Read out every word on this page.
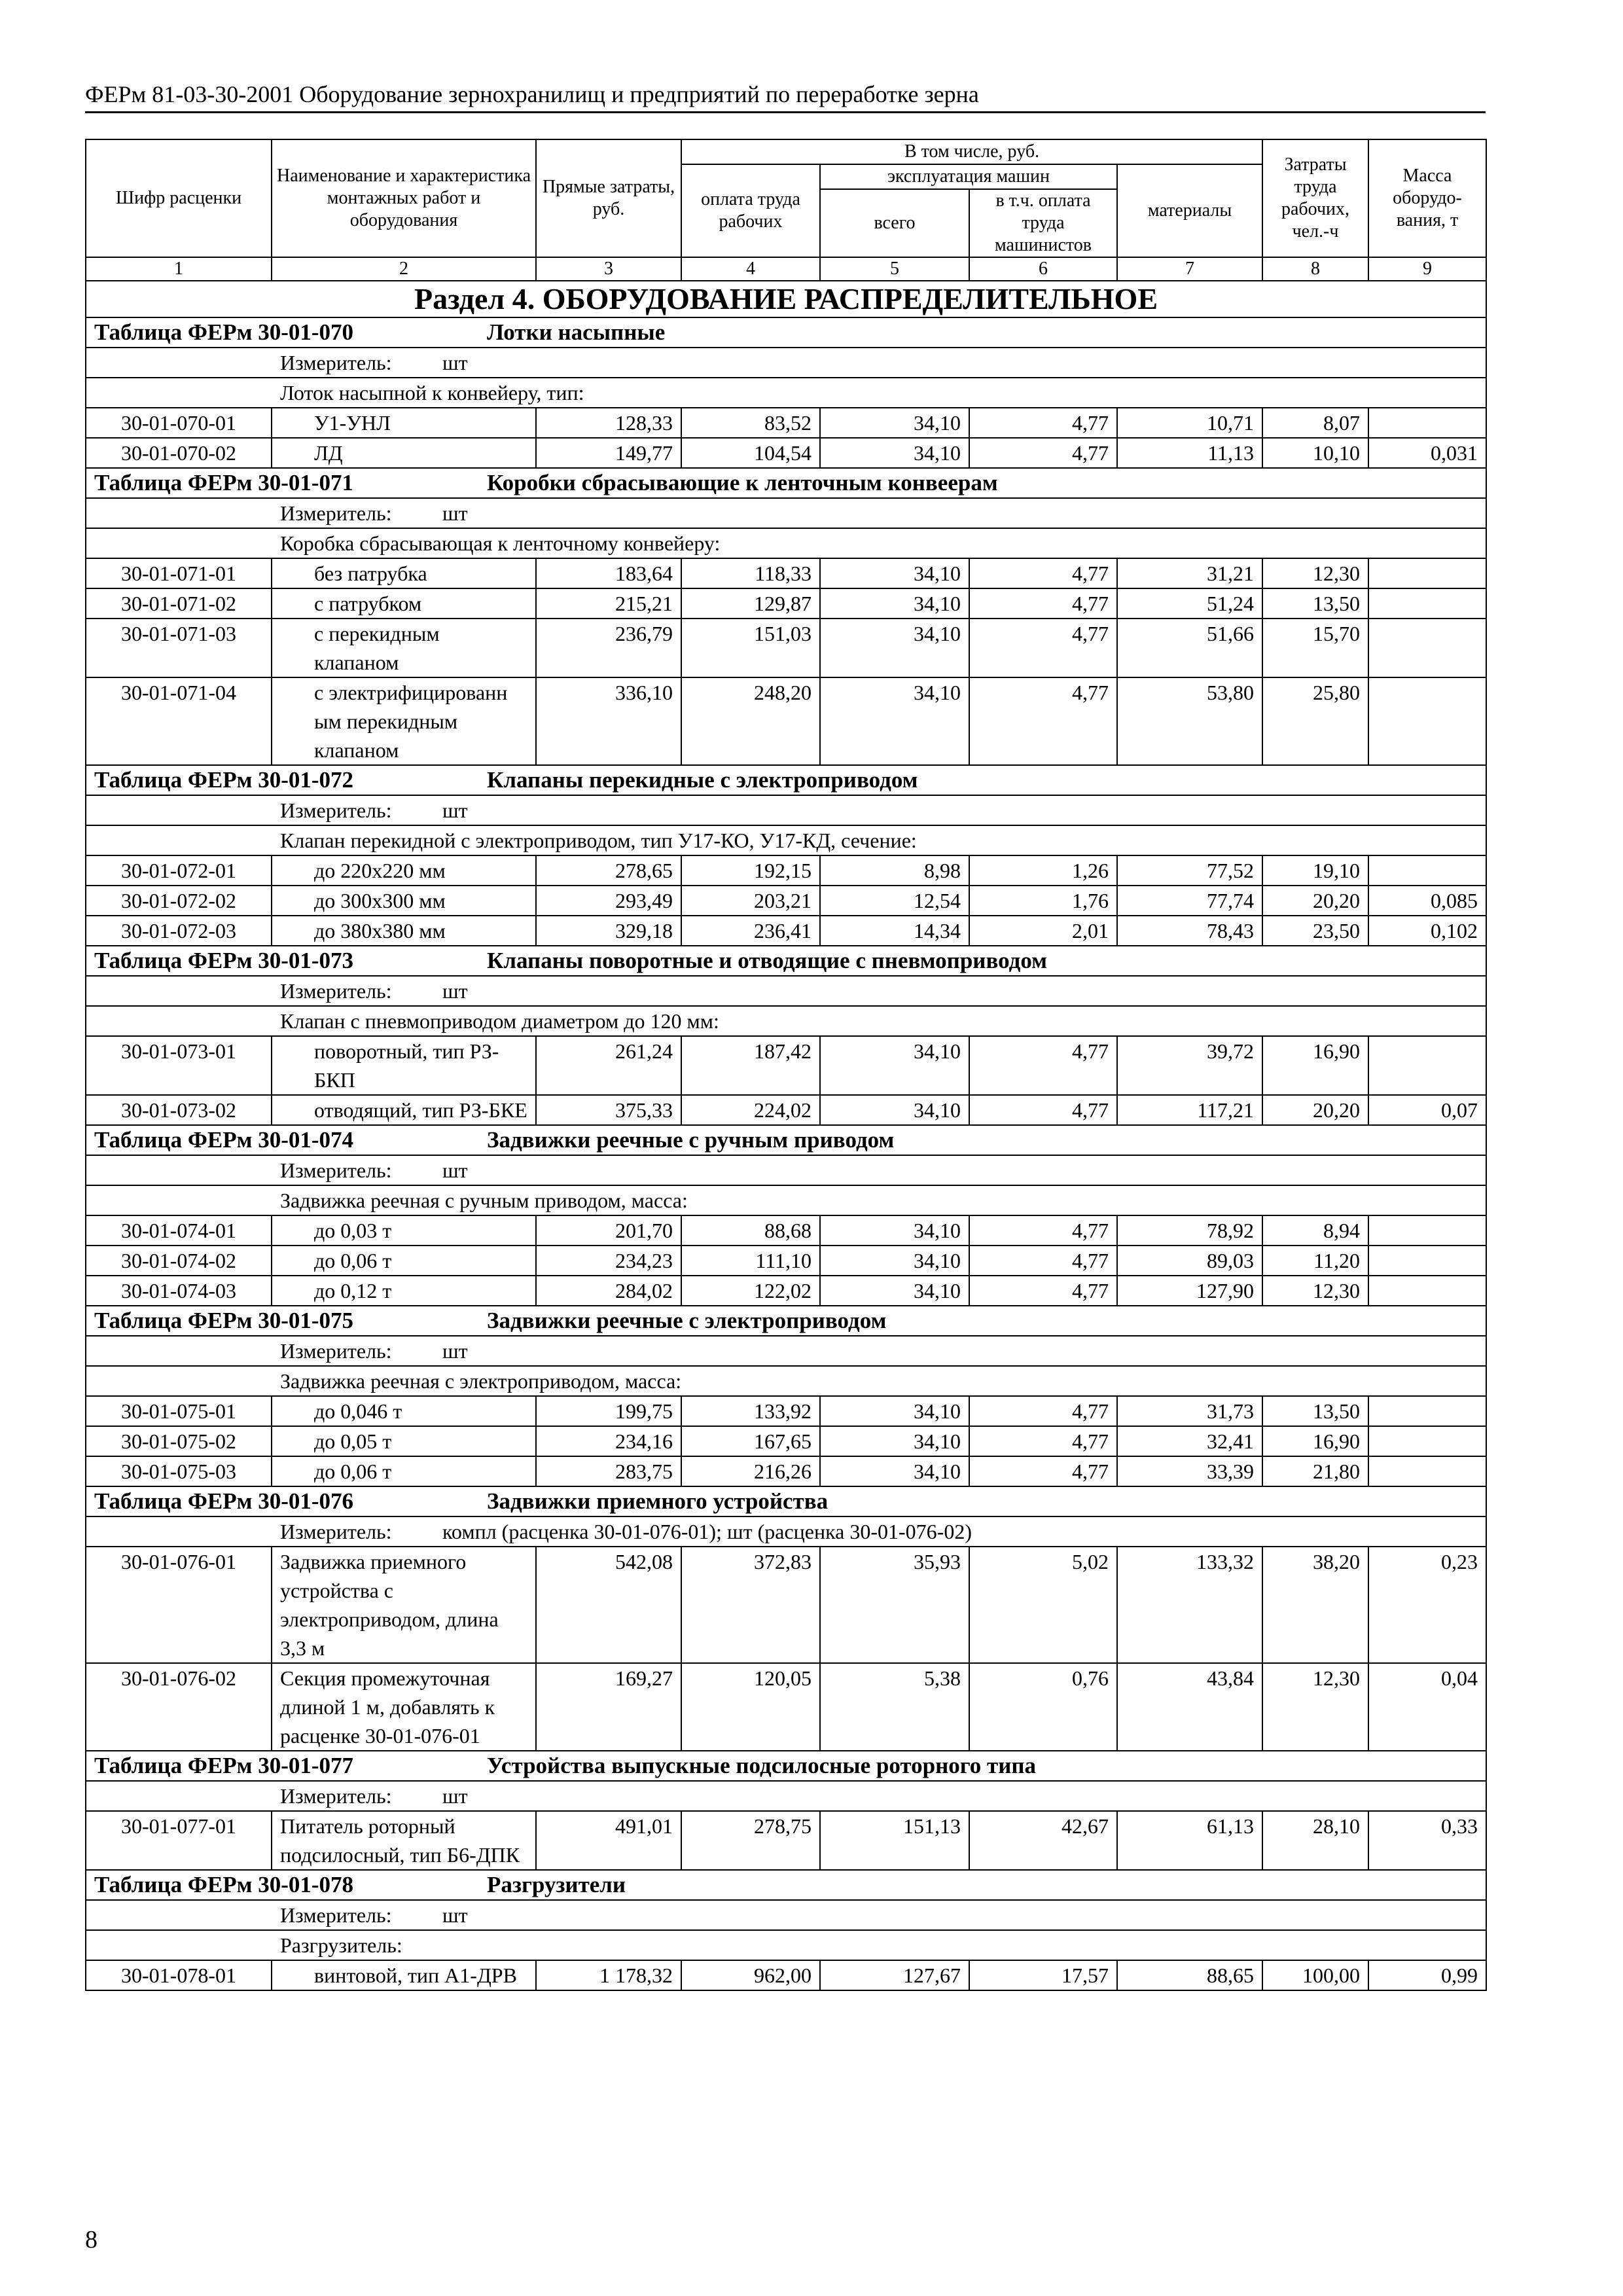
ФЕРм 81-03-30-2001 Оборудование зернохранилищ и предприятий по переработке зерна
Шифр расценки	Наименование и характеристика монтажных работ и оборудования	Прямые затраты, руб.	В том числе, руб.				Затраты труда рабочих, чел.-ч	Масса оборудо-вания, т
			оплата труда рабочих	эксплуатация машин		материалы		
				всего	в т.ч. оплата труда машинистов			
1	2	3	4	5	6	7	8	9
Раздел 4. ОБОРУДОВАНИЕ РАСПРЕДЕЛИТЕЛЬНОЕ								
Таблица ФЕРм 30-01-070 Лотки насыпные								
Измеритель: шт								
Лоток насыпной к конвейеру, тип:								
30-01-070-01	У1-УНЛ	128,33	83,52	34,10	4,77	10,71	8,07	
30-01-070-02	ЛД	149,77	104,54	34,10	4,77	11,13	10,10	0,031
Таблица ФЕРм 30-01-071 Коробки сбрасывающие к ленточным конвеерам								
Измеритель: шт								
Коробка сбрасывающая к ленточному конвейеру:								
30-01-071-01	без патрубка	183,64	118,33	34,10	4,77	31,21	12,30	
30-01-071-02	с патрубком	215,21	129,87	34,10	4,77	51,24	13,50	
30-01-071-03	с перекидным клапаном	236,79	151,03	34,10	4,77	51,66	15,70	
30-01-071-04	с электрифицированн ым перекидным клапаном	336,10	248,20	34,10	4,77	53,80	25,80	
Таблица ФЕРм 30-01-072 Клапаны перекидные с электроприводом								
Измеритель: шт								
Клапан перекидной с электроприводом, тип У17-КО, У17-КД, сечение:								
30-01-072-01	до 220х220 мм	278,65	192,15	8,98	1,26	77,52	19,10	
30-01-072-02	до 300х300 мм	293,49	203,21	12,54	1,76	77,74	20,20	0,085
30-01-072-03	до 380х380 мм	329,18	236,41	14,34	2,01	78,43	23,50	0,102
Таблица ФЕРм 30-01-073 Клапаны поворотные и отводящие с пневмоприводом								
Измеритель: шт								
Клапан с пневмоприводом диаметром до 120 мм:								
30-01-073-01	поворотный, тип РЗ-БКП	261,24	187,42	34,10	4,77	39,72	16,90	
30-01-073-02	отводящий, тип РЗ-БКЕ	375,33	224,02	34,10	4,77	117,21	20,20	0,07
Таблица ФЕРм 30-01-074 Задвижки реечные с ручным приводом								
Измеритель: шт								
Задвижка реечная с ручным приводом, масса:								
30-01-074-01	до 0,03 т	201,70	88,68	34,10	4,77	78,92	8,94	
30-01-074-02	до 0,06 т	234,23	111,10	34,10	4,77	89,03	11,20	
30-01-074-03	до 0,12 т	284,02	122,02	34,10	4,77	127,90	12,30	
Таблица ФЕРм 30-01-075 Задвижки реечные с электроприводом								
Измеритель: шт								
Задвижка реечная с электроприводом, масса:								
30-01-075-01	до 0,046 т	199,75	133,92	34,10	4,77	31,73	13,50	
30-01-075-02	до 0,05 т	234,16	167,65	34,10	4,77	32,41	16,90	
30-01-075-03	до 0,06 т	283,75	216,26	34,10	4,77	33,39	21,80	
Таблица ФЕРм 30-01-076 Задвижки приемного устройства								
Измеритель: компл (расценка 30-01-076-01); шт (расценка 30-01-076-02)								
30-01-076-01	Задвижка приемного устройства с электроприводом, длина 3,3 м	542,08	372,83	35,93	5,02	133,32	38,20	0,23
30-01-076-02	Секция промежуточная длиной 1 м, добавлять к расценке 30-01-076-01	169,27	120,05	5,38	0,76	43,84	12,30	0,04
Таблица ФЕРм 30-01-077 Устройства выпускные подсилосные роторного типа								
Измеритель: шт								
30-01-077-01	Питатель роторный подсилосный, тип Б6-ДПК	491,01	278,75	151,13	42,67	61,13	28,10	0,33
Таблица ФЕРм 30-01-078 Разгрузители								
Измеритель: шт								
Разгрузитель:								
30-01-078-01	винтовой, тип А1-ДРВ	1 178,32	962,00	127,67	17,57	88,65	100,00	0,99
8
